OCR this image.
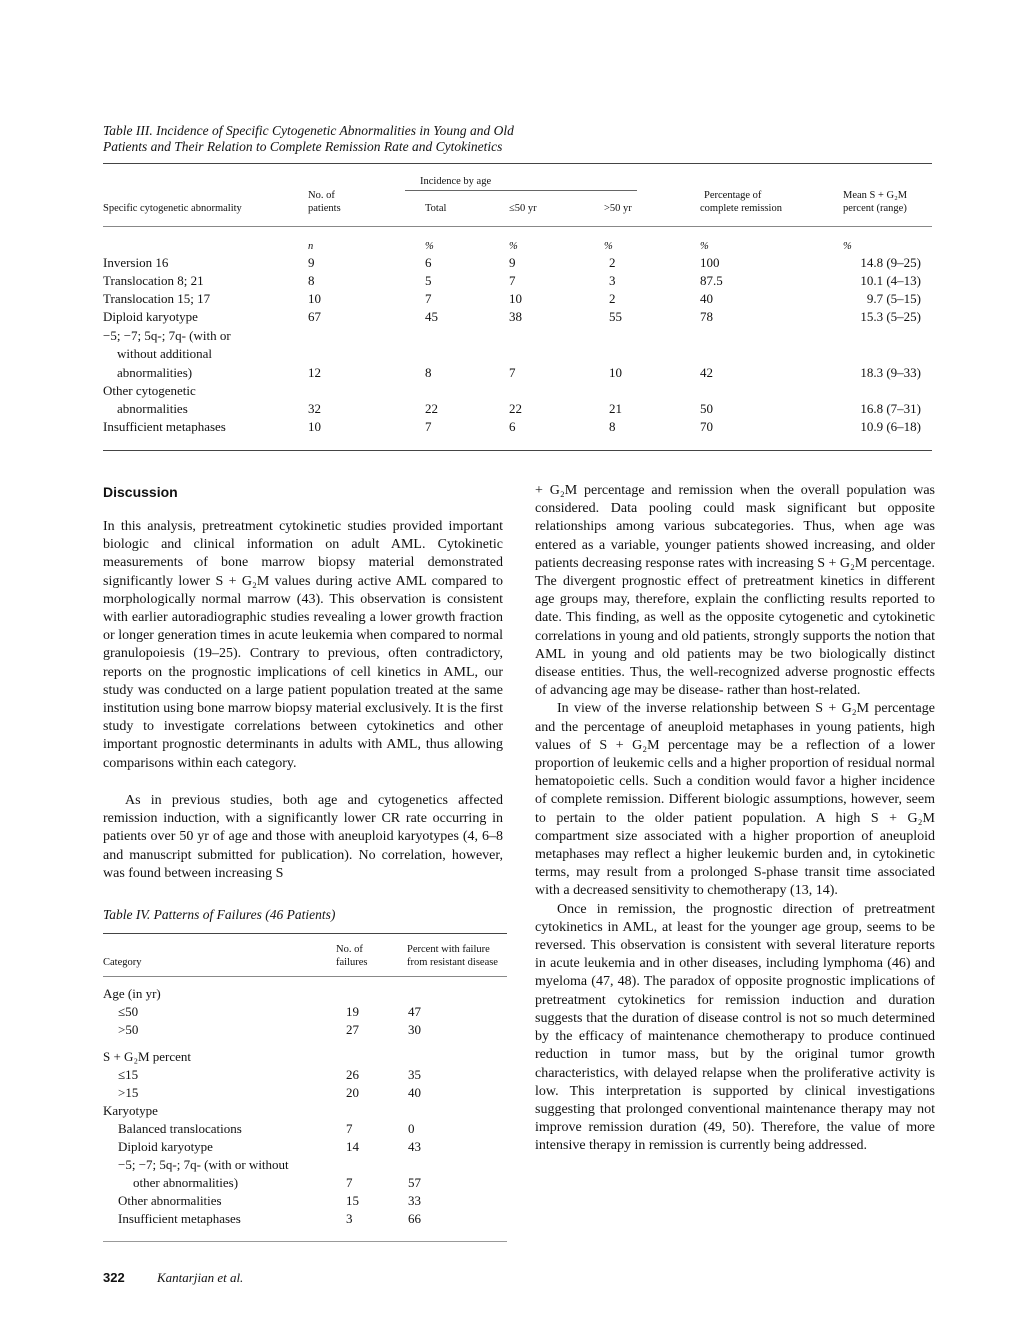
Table III. Incidence of Specific Cytogenetic Abnormalities in Young and Old
Patients and Their Relation to Complete Remission Rate and Cytokinetics
Specific cytogenetic abnormality
No. of
patients
Incidence by age
Total	≤50 yr	>50 yr
Percentage of
complete remission
Mean S + G₂M
percent (range)
n	%	%	%	%	%
Inversion 16	9	6	9	2	100	14.8 (9–25)
Translocation 8; 21	8	5	7	3	87.5	10.1 (4–13)
Translocation 15; 17	10	7	10	2	40	9.7 (5–15)
Diploid karyotype	67	45	38	55	78	15.3 (5–25)
−5; −7; 5q-; 7q- (with or
without additional
abnormalities)	12	8	7	10	42	18.3 (9–33)
Other cytogenetic
abnormalities	32	22	22	21	50	16.8 (7–31)
Insufficient metaphases	10	7	6	8	70	10.9 (6–18)
Discussion

In this analysis, pretreatment cytokinetic studies provided important biologic and clinical information on adult AML. Cytokinetic measurements of bone marrow biopsy material demonstrated significantly lower S + G₂M values during active AML compared to morphologically normal marrow (43). This observation is consistent with earlier autoradiographic studies revealing a lower growth fraction or longer generation times in acute leukemia when compared to normal granulopoiesis (19–25). Contrary to previous, often contradictory, reports on the prognostic implications of cell kinetics in AML, our study was conducted on a large patient population treated at the same institution using bone marrow biopsy material exclusively. It is the first study to investigate correlations between cytokinetics and other important prognostic determinants in adults with AML, thus allowing comparisons within each category.

As in previous studies, both age and cytogenetics affected remission induction, with a significantly lower CR rate occurring in patients over 50 yr of age and those with aneuploid karyotypes (4, 6–8 and manuscript submitted for publication). No correlation, however, was found between increasing S

Table IV. Patterns of Failures (46 Patients)
Category
No. of
failures
Percent with failure
from resistant disease
Age (in yr)
≤50	19	47
>50	27	30
S + G₂M percent
≤15	26	35
>15	20	40
Karyotype
Balanced translocations	7	0
Diploid karyotype	14	43
−5; −7; 5q-; 7q- (with or without
other abnormalities)	7	57
Other abnormalities	15	33
Insufficient metaphases	3	66

+ G₂M percentage and remission when the overall population was considered. Data pooling could mask significant but opposite relationships among various subcategories. Thus, when age was entered as a variable, younger patients showed increasing, and older patients decreasing response rates with increasing S + G₂M percentage. The divergent prognostic effect of pretreatment kinetics in different age groups may, therefore, explain the conflicting results reported to date. This finding, as well as the opposite cytogenetic and cytokinetic correlations in young and old patients, strongly supports the notion that AML in young and old patients may be two biologically distinct disease entities. Thus, the well-recognized adverse prognostic effects of advancing age may be disease- rather than host-related.

In view of the inverse relationship between S + G₂M percentage and the percentage of aneuploid metaphases in young patients, high values of S + G₂M percentage may be a reflection of a lower proportion of leukemic cells and a higher proportion of residual normal hematopoietic cells. Such a condition would favor a higher incidence of complete remission. Different biologic assumptions, however, seem to pertain to the older patient population. A high S + G₂M compartment size associated with a higher proportion of aneuploid metaphases may reflect a higher leukemic burden and, in cytokinetic terms, may result from a prolonged S-phase transit time associated with a decreased sensitivity to chemotherapy (13, 14).

Once in remission, the prognostic direction of pretreatment cytokinetics in AML, at least for the younger age group, seems to be reversed. This observation is consistent with several literature reports in acute leukemia and in other diseases, including lymphoma (46) and myeloma (47, 48). The paradox of opposite prognostic implications of pretreatment cytokinetics for remission induction and duration suggests that the duration of disease control is not so much determined by the efficacy of maintenance chemotherapy to produce continued reduction in tumor mass, but by the original tumor growth characteristics, with delayed relapse when the proliferative activity is low. This interpretation is supported by clinical investigations suggesting that prolonged conventional maintenance therapy may not improve remission duration (49, 50). Therefore, the value of more intensive therapy in remission is currently being addressed.

322 Kantarjian et al.
